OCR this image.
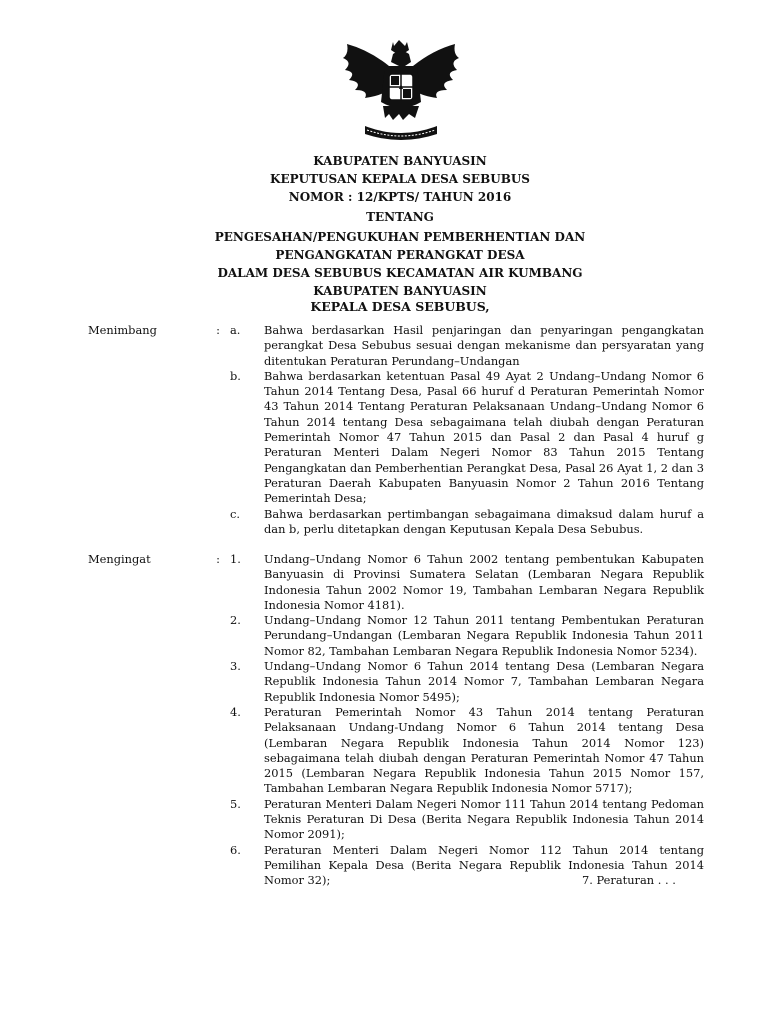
KABUPATEN BANYUASIN
KEPUTUSAN KEPALA DESA SEBUBUS
NOMOR : 12/KPTS/ TAHUN 2016
TENTANG
PENGESAHAN/PENGUKUHAN PEMBERHENTIAN DAN
PENGANGKATAN PERANGKAT DESA
DALAM DESA SEBUBUS KECAMATAN AIR KUMBANG
KABUPATEN BANYUASIN
KEPALA DESA SEBUBUS,
Menimbang	: a.	Bahwa berdasarkan Hasil penjaringan dan penyaringan pengangkatan perangkat Desa Sebubus sesuai dengan mekanisme dan persyaratan yang ditentukan Peraturan Perundang–Undangan
b.	Bahwa berdasarkan ketentuan Pasal 49 Ayat 2 Undang–Undang Nomor 6 Tahun 2014 Tentang Desa, Pasal 66 huruf d Peraturan Pemerintah Nomor 43 Tahun 2014 Tentang Peraturan Pelaksanaan Undang–Undang Nomor 6 Tahun 2014 tentang Desa sebagaimana telah diubah dengan Peraturan Pemerintah Nomor 47 Tahun 2015 dan Pasal 2 dan Pasal 4 huruf g Peraturan Menteri Dalam Negeri Nomor 83 Tahun 2015 Tentang Pengangkatan dan Pemberhentian Perangkat Desa, Pasal 26 Ayat 1, 2 dan 3 Peraturan Daerah Kabupaten Banyuasin Nomor 2 Tahun 2016 Tentang Pemerintah Desa;
c.	Bahwa berdasarkan pertimbangan sebagaimana dimaksud dalam huruf a dan b, perlu ditetapkan dengan Keputusan Kepala Desa Sebubus.
Mengingat	: 1.	Undang–Undang Nomor 6 Tahun 2002 tentang pembentukan Kabupaten Banyuasin di Provinsi Sumatera Selatan (Lembaran Negara Republik Indonesia Tahun 2002 Nomor 19, Tambahan Lembaran Negara Republik Indonesia Nomor 4181).
2.	Undang–Undang Nomor 12 Tahun 2011 tentang Pembentukan Peraturan Perundang–Undangan (Lembaran Negara Republik Indonesia Tahun 2011 Nomor 82, Tambahan Lembaran Negara Republik Indonesia Nomor 5234).
3.	Undang–Undang Nomor 6 Tahun 2014 tentang Desa (Lembaran Negara Republik Indonesia Tahun 2014 Nomor 7, Tambahan Lembaran Negara Republik Indonesia Nomor 5495);
4.	Peraturan Pemerintah Nomor 43 Tahun 2014 tentang Peraturan Pelaksanaan Undang-Undang Nomor 6 Tahun 2014 tentang Desa (Lembaran Negara Republik Indonesia Tahun 2014 Nomor 123) sebagaimana telah diubah dengan Peraturan Pemerintah Nomor 47 Tahun 2015 (Lembaran Negara Republik Indonesia Tahun 2015 Nomor 157, Tambahan Lembaran Negara Republik Indonesia Nomor 5717);
5.	Peraturan Menteri Dalam Negeri Nomor 111 Tahun 2014 tentang Pedoman Teknis Peraturan Di Desa (Berita Negara Republik Indonesia Tahun 2014 Nomor 2091);
6.	Peraturan Menteri Dalam Negeri Nomor 112 Tahun 2014 tentang Pemilihan Kepala Desa (Berita Negara Republik Indonesia Tahun 2014 Nomor 32);	7. Peraturan . . .
